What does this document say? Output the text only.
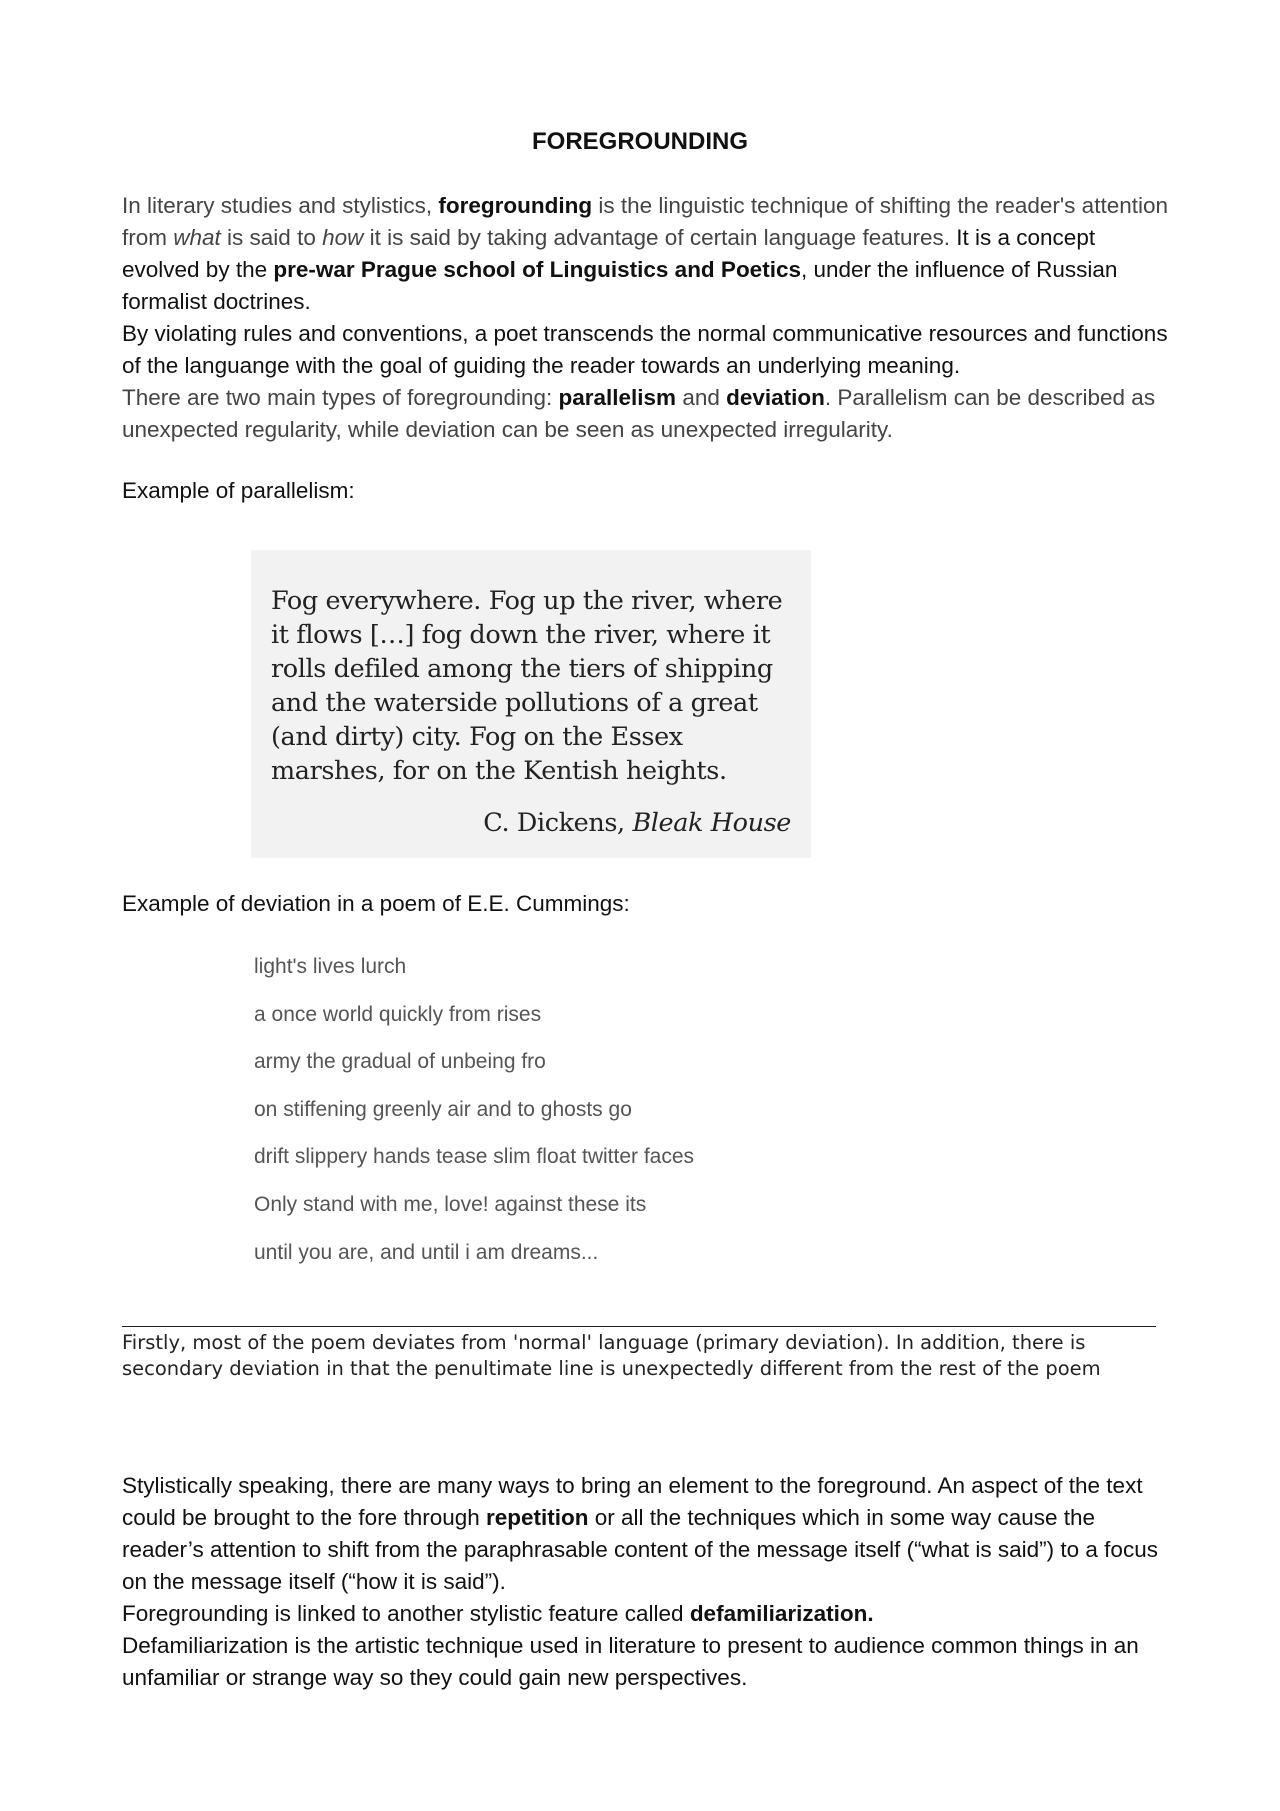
FOREGROUNDING
In literary studies and stylistics, foregrounding is the linguistic technique of shifting the reader's attention from what is said to how it is said by taking advantage of certain language features. It is a concept evolved by the pre-war Prague school of Linguistics and Poetics, under the influence of Russian formalist doctrines.
By violating rules and conventions, a poet transcends the normal communicative resources and functions of the languange with the goal of guiding the reader towards an underlying meaning.
There are two main types of foregrounding: parallelism and deviation. Parallelism can be described as unexpected regularity, while deviation can be seen as unexpected irregularity.
Example of parallelism:
Fog everywhere. Fog up the river, where it flows […] fog down the river, where it rolls defiled among the tiers of shipping and the waterside pollutions of a great (and dirty) city. Fog on the Essex marshes, for on the Kentish heights.
C. Dickens, Bleak House
Example of deviation in a poem of E.E. Cummings:
light's lives lurch
a once world quickly from rises
army the gradual of unbeing fro
on stiffening greenly air and to ghosts go
drift slippery hands tease slim float twitter faces
Only stand with me, love! against these its
until you are, and until i am dreams...
Firstly, most of the poem deviates from 'normal' language (primary deviation). In addition, there is secondary deviation in that the penultimate line is unexpectedly different from the rest of the poem
Stylistically speaking, there are many ways to bring an element to the foreground. An aspect of the text could be brought to the fore through repetition or all the techniques which in some way cause the reader’s attention to shift from the paraphrasable content of the message itself (“what is said”) to a focus on the message itself (“how it is said”).
Foregrounding is linked to another stylistic feature called defamiliarization.
Defamiliarization is the artistic technique used in literature to present to audience common things in an unfamiliar or strange way so they could gain new perspectives.
